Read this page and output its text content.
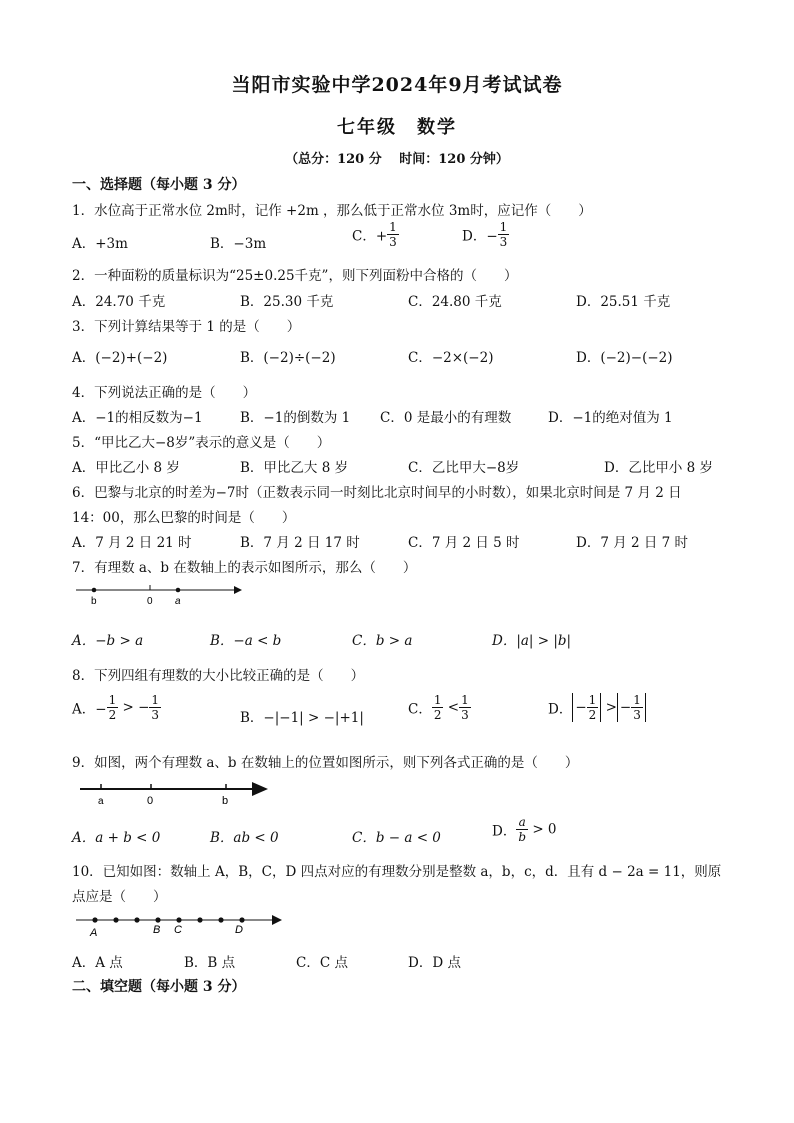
当阳市实验中学2024年9月考试试卷
七年级　数学
（总分：120 分　 时间：120 分钟）
一、选择题（每小题 3 分）
1．水位高于正常水位 2m时，记作 +2m ，那么低于正常水位 3m时，应记作（　　）
A．+3m	B．−3m	C．+ $\frac{1}{3}$	D．− $\frac{1}{3}$
2．一种面粉的质量标识为“25±0.25千克”，则下列面粉中合格的（　　）
A．24.70 千克	B．25.30 千克	C．24.80 千克	D．25.51 千克
3．下列计算结果等于 1 的是（　　）
A．(−2)+(−2)	B．(−2)÷(−2)	C．−2×(−2)	D．(−2)−(−2)
4．下列说法正确的是（　　）
A．−1的相反数为−1	B．−1的倒数为 1 C．0 是最小的有理数	D．−1的绝对值为 1
5．“甲比乙大−8岁”表示的意义是（　　）
A．甲比乙小 8 岁	B．甲比乙大 8 岁	C．乙比甲大−8岁	D．乙比甲小 8 岁
6．巴黎与北京的时差为−7时（正数表示同一时刻比北京时间早的小时数），如果北京时间是 7 月 2 日
14：00，那么巴黎的时间是（　　）
A．7 月 2 日 21 时	B．7 月 2 日 17 时	C．7 月 2 日 5 时	D．7 月 2 日 7 时
7．有理数 a、b 在数轴上的表示如图所示，那么（　　）
b	0 a
A．−b > a	B．−a < b	C．b > a	D．|a| > |b|
8．下列四组有理数的大小比较正确的是（　　）
A．− $\frac{1}{2}$ > − $\frac{1}{3}$	B．−|−1| > −|+1|
C． $\frac{1}{2} < \frac{1}{3}$	D． − $\frac{1}{2}$ > − $\frac{1}{3}$
9．如图，两个有理数 a、b 在数轴上的位置如图所示，则下列各式正确的是（　　）
a	0	b
A．a + b < 0	B．ab < 0	C．b − a < 0	D． $\frac{a}{b} > 0$
10．已知如图：数轴上 A，B，C，D 四点对应的有理数分别是整数 a，b，c，d．且有 d − 2a = 11，则原
点应是（　　）
A	B C	D
A．A 点	B．B 点	C．C 点	D．D 点
二、填空题（每小题 3 分）
